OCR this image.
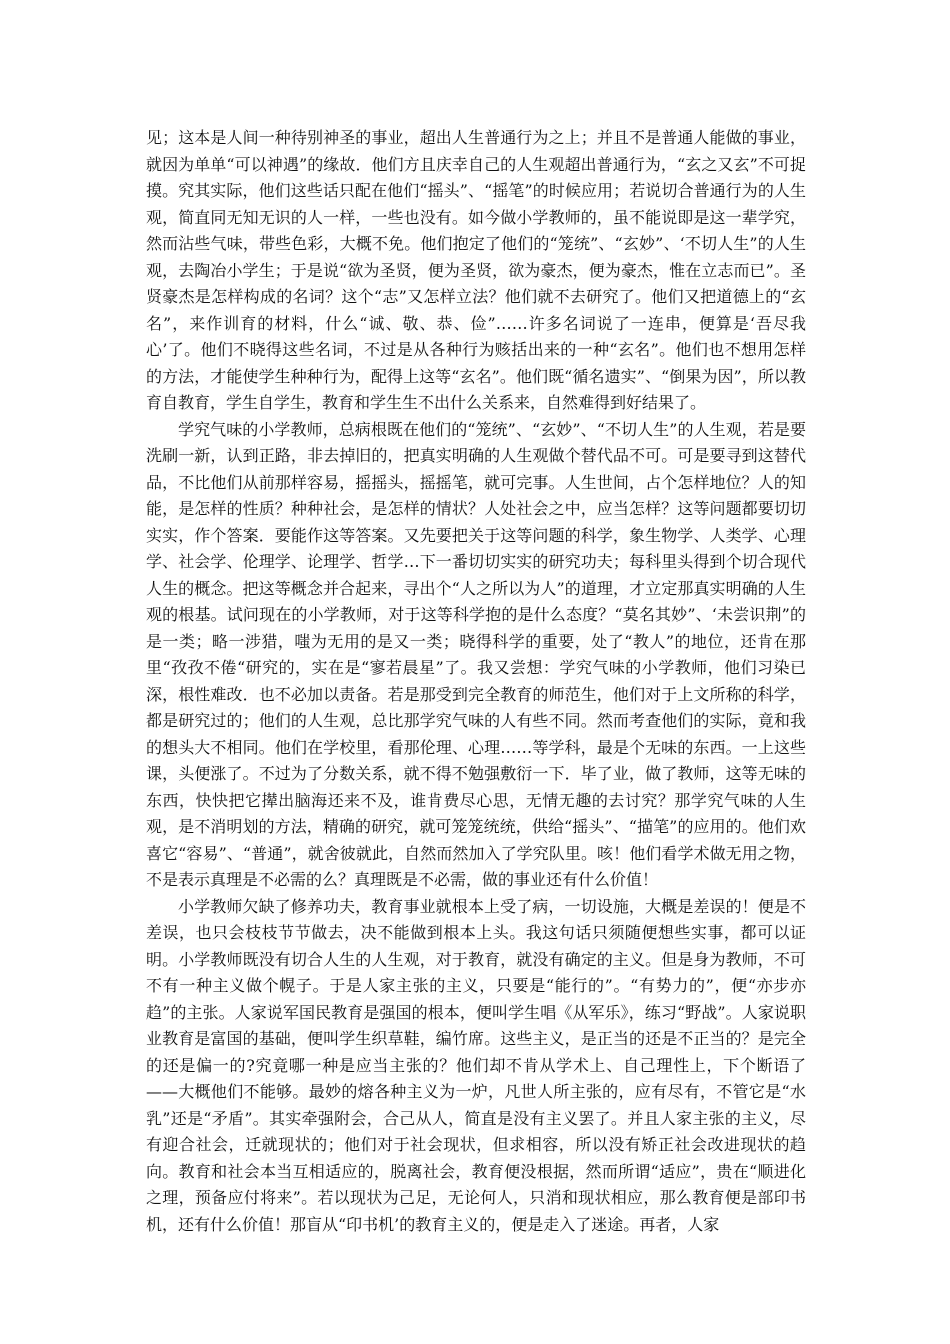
见；这本是人间一种待别神圣的事业，超出人生普通行为之上；并且不是普通人能做的事业，就因为单单“可以神遇”的缘故．他们方且庆幸自己的人生观超出普通行为，“玄之又玄”不可捉摸。究其实际，他们这些话只配在他们“摇头”、“摇笔”的时候应用；若说切合普通行为的人生观，简直同无知无识的人一样，一些也没有。如今做小学教师的，虽不能说即是这一辈学究，然而沾些气味，带些色彩，大概不免。他们抱定了他们的“笼统”、“玄妙”、‘不切人生”的人生观，去陶冶小学生；于是说“欲为圣贤，便为圣贤，欲为豪杰，便为豪杰，惟在立志而已”。圣贤豪杰是怎样构成的名词？这个“志”又怎样立法？他们就不去研究了。他们又把道德上的“玄名”，来作训育的材料，什么“诚、敬、恭、俭”……许多名词说了一连串，便算是‘吾尽我心’了。他们不晓得这些名词，不过是从各种行为赅括出来的一种“玄名”。他们也不想用怎样的方法，才能使学生种种行为，配得上这等“玄名”。他们既“循名遗实”、“倒果为因”，所以教育自教育，学生自学生，教育和学生生不出什么关系来，自然难得到好结果了。

学究气味的小学教师，总病根既在他们的“笼统”、“玄妙”、“不切人生”的人生观，若是要洗刷一新，认到正路，非去掉旧的，把真实明确的人生观做个替代品不可。可是要寻到这替代品，不比他们从前那样容易，摇摇头，摇摇笔，就可完事。人生世间，占个怎样地位？人的知能，是怎样的性质？种种社会，是怎样的情状？人处社会之中，应当怎样？这等问题都要切切实实，作个答案．要能作这等答案。又先要把关于这等问题的科学，象生物学、人类学、心理学、社会学、伦理学、论理学、哲学…下一番切切实实的研究功夫；每科里头得到个切合现代人生的概念。把这等概念并合起来，寻出个“人之所以为人”的道理，才立定那真实明确的人生观的根基。试问现在的小学教师，对于这等科学抱的是什么态度？“莫名其妙”、‘未尝识荆”的是一类；略一涉猎，嗤为无用的是又一类；晓得科学的重要，处了“教人”的地位，还肯在那里“孜孜不倦“研究的，实在是“寥若晨星”了。我又尝想：学究气味的小学教师，他们习染已深，根性难改．也不必加以责备。若是那受到完全教育的师范生，他们对于上文所称的科学，都是研究过的；他们的人生观，总比那学究气味的人有些不同。然而考查他们的实际，竟和我的想头大不相同。他们在学校里，看那伦理、心理……等学科，最是个无味的东西。一上这些课，头便涨了。不过为了分数关系，就不得不勉强敷衍一下．毕了业，做了教师，这等无味的东西，快快把它撵出脑海还来不及，谁肯费尽心思，无情无趣的去讨究？那学究气味的人生观，是不消明划的方法，精确的研究，就可笼笼统统，供给“摇头”、“描笔”的应用的。他们欢喜它“容易”、“普通”，就舍彼就此，自然而然加入了学究队里。咳！他们看学术做无用之物，不是表示真理是不必需的么？真理既是不必需，做的事业还有什么价值！

小学教师欠缺了修养功夫，教育事业就根本上受了病，一切设施，大概是差误的！便是不差误，也只会枝枝节节做去，决不能做到根本上头。我这句话只须随便想些实事，都可以证明。小学教师既没有切合人生的人生观，对于教育，就没有确定的主义。但是身为教师，不可不有一种主义做个幌子。于是人家主张的主义，只要是“能行的”。“有势力的”，便“亦步亦趋”的主张。人家说军国民教育是强国的根本，便叫学生唱《从军乐》，练习“野战”。人家说职业教育是富国的基础，便叫学生织草鞋，编竹席。这些主义，是正当的还是不正当的？是完全的还是偏一的?究竟哪一种是应当主张的？他们却不肯从学术上、自己理性上，下个断语了——大概他们不能够。最妙的熔各种主义为一炉，凡世人所主张的，应有尽有，不管它是“水乳”还是“矛盾”。其实牵强附会，合己从人，简直是没有主义罢了。并且人家主张的主义，尽有迎合社会，迁就现状的；他们对于社会现状，但求相容，所以没有矫正社会改进现状的趋向。教育和社会本当互相适应的，脱离社会，教育便没根据，然而所谓“适应”，贵在“顺进化之理，预备应付将来”。若以现状为己足，无论何人，只消和现状相应，那么教育便是部印书机，还有什么价值！那盲从“印书机’的教育主义的，便是走入了迷途。再者，人家
